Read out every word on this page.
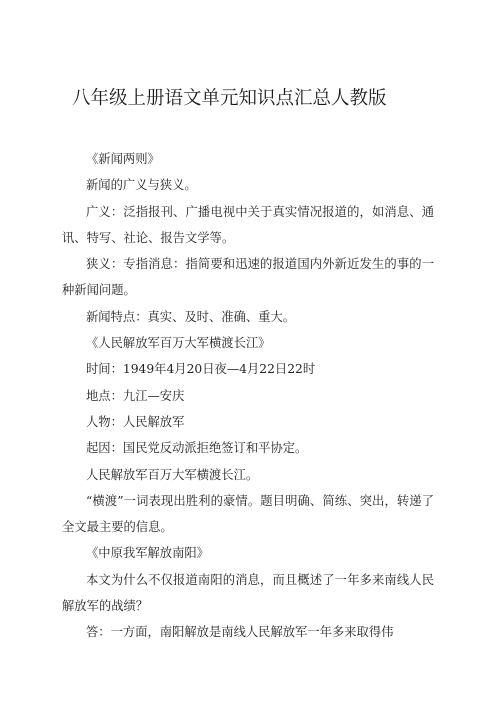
八年级上册语文单元知识点汇总人教版

《新闻两则》

新闻的广义与狭义。

广义：泛指报刊、广播电视中关于真实情况报道的，如消息、通讯、特写、社论、报告文学等。

狭义：专指消息：指简要和迅速的报道国内外新近发生的事的一种新闻问题。

新闻特点：真实、及时、准确、重大。

《人民解放军百万大军横渡长江》

时间：1949年4月20日夜—4月22日22时

地点：九江—安庆

人物：人民解放军

起因：国民党反动派拒绝签订和平协定。

人民解放军百万大军横渡长江。

“横渡”一词表现出胜利的豪情。题目明确、简练、突出，转递了全文最主要的信息。

《中原我军解放南阳》

本文为什么不仅报道南阳的消息，而且概述了一年多来南线人民解放军的战绩？

答：一方面，南阳解放是南线人民解放军一年多来取得伟
